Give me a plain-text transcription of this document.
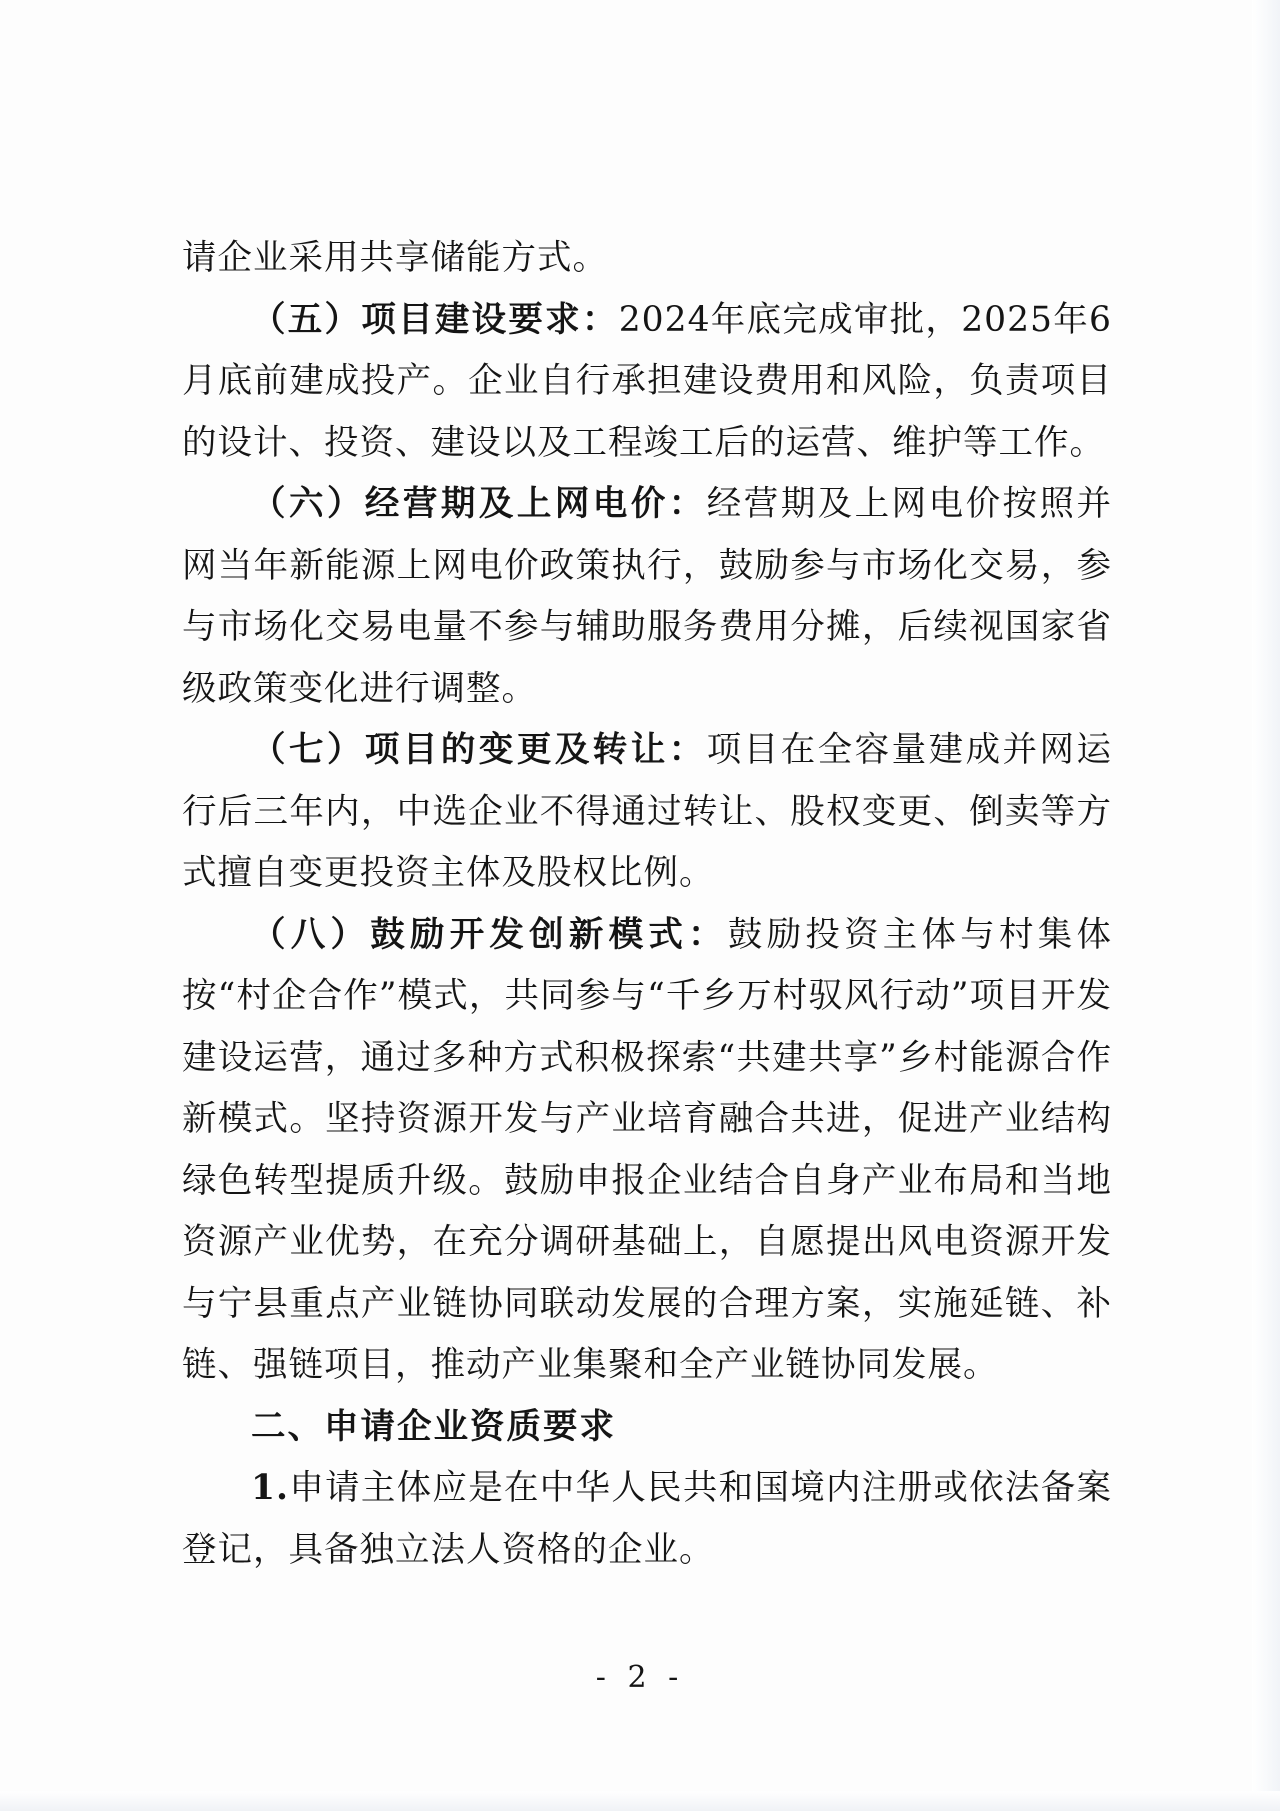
请企业采用共享储能方式。

（五）项目建设要求：2024年底完成审批，2025年6月底前建成投产。企业自行承担建设费用和风险，负责项目的设计、投资、建设以及工程竣工后的运营、维护等工作。

（六）经营期及上网电价：经营期及上网电价按照并网当年新能源上网电价政策执行，鼓励参与市场化交易，参与市场化交易电量不参与辅助服务费用分摊，后续视国家省级政策变化进行调整。

（七）项目的变更及转让：项目在全容量建成并网运行后三年内，中选企业不得通过转让、股权变更、倒卖等方式擅自变更投资主体及股权比例。

（八）鼓励开发创新模式：鼓励投资主体与村集体按“村企合作”模式，共同参与“千乡万村驭风行动”项目开发建设运营，通过多种方式积极探索“共建共享”乡村能源合作新模式。坚持资源开发与产业培育融合共进，促进产业结构绿色转型提质升级。鼓励申报企业结合自身产业布局和当地资源产业优势，在充分调研基础上，自愿提出风电资源开发与宁县重点产业链协同联动发展的合理方案，实施延链、补链、强链项目，推动产业集聚和全产业链协同发展。

二、申请企业资质要求

1.申请主体应是在中华人民共和国境内注册或依法备案登记，具备独立法人资格的企业。

- 2 -
